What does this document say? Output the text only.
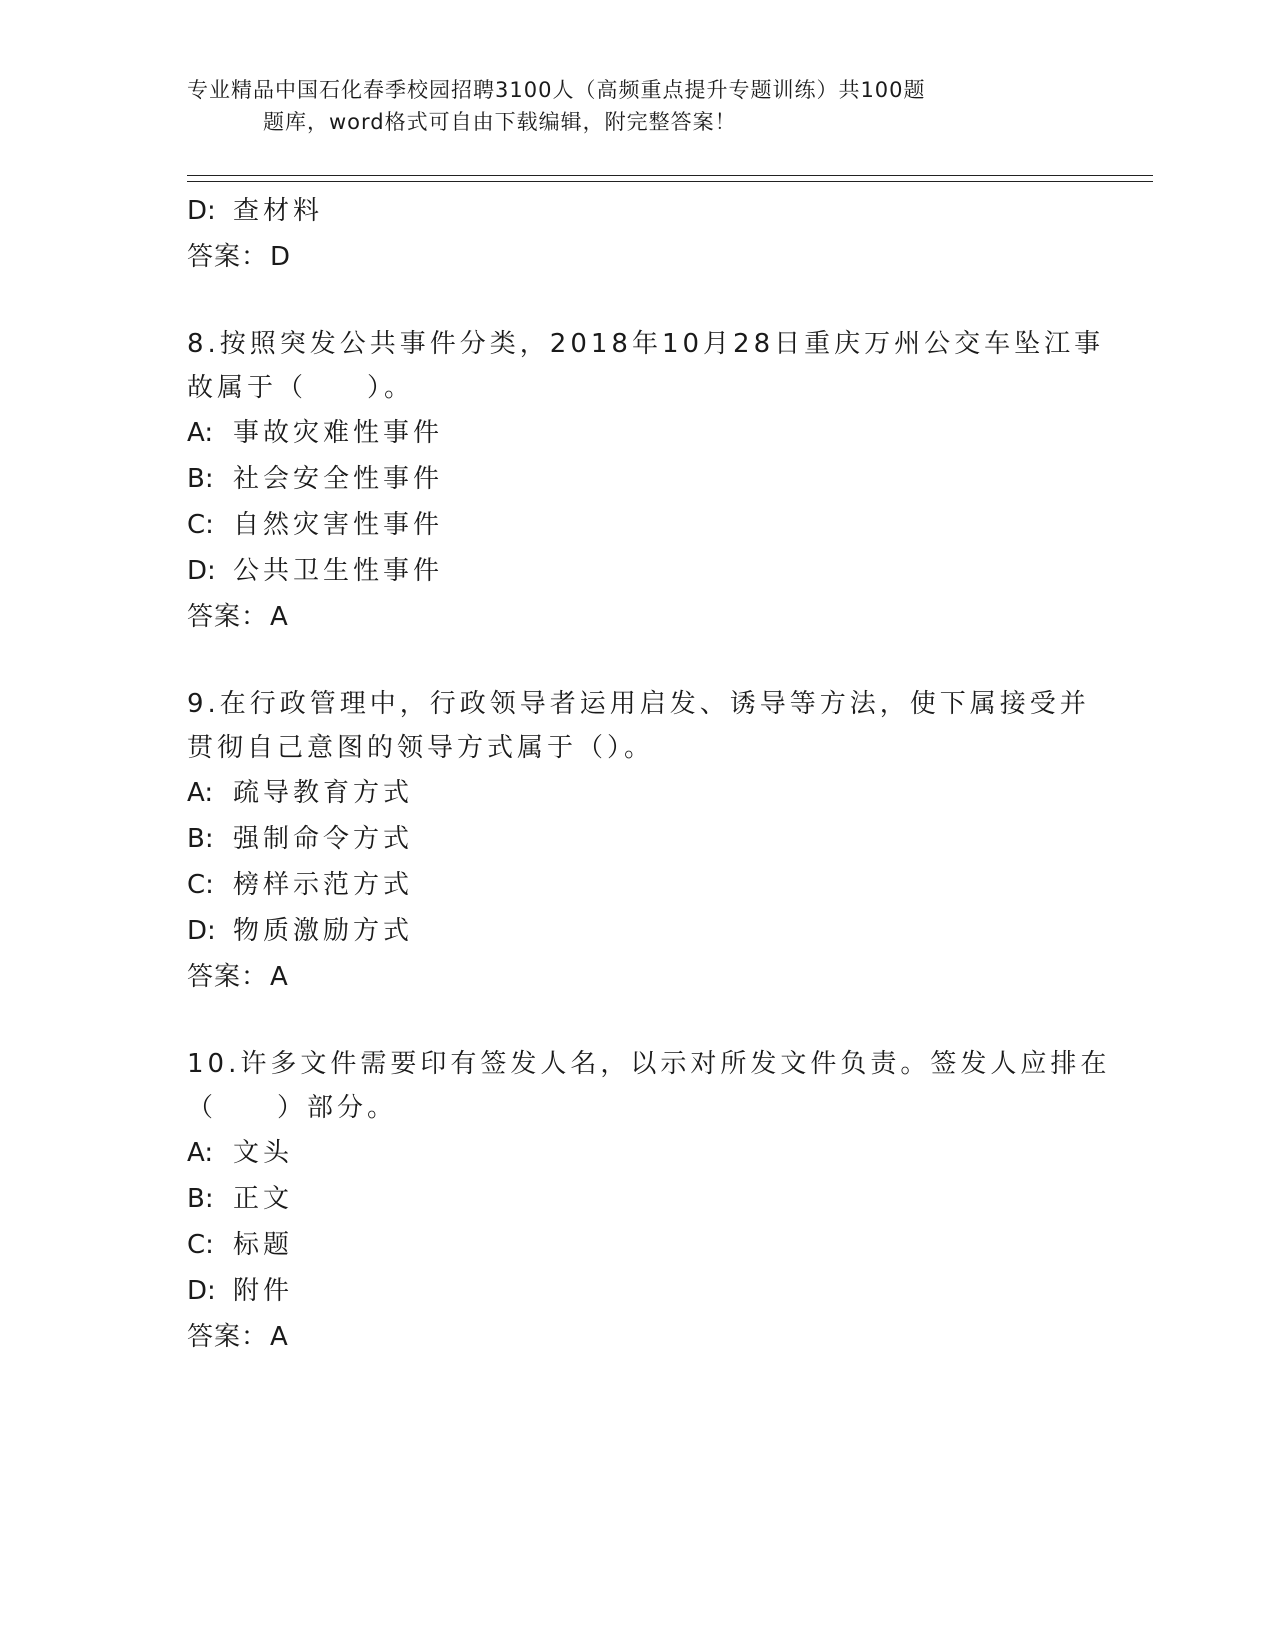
专业精品中国石化春季校园招聘3100人（高频重点提升专题训练）共100题
题库，word格式可自由下载编辑，附完整答案！
D: 查材料
答案：D
8.按照突发公共事件分类，2018年10月28日重庆万州公交车坠江事
故属于（　　）。
A: 事故灾难性事件
B: 社会安全性事件
C: 自然灾害性事件
D: 公共卫生性事件
答案：A
9.在行政管理中，行政领导者运用启发、诱导等方法，使下属接受并
贯彻自己意图的领导方式属于（）。
A: 疏导教育方式
B: 强制命令方式
C: 榜样示范方式
D: 物质激励方式
答案：A
10.许多文件需要印有签发人名，以示对所发文件负责。签发人应排在
（　　）部分。
A: 文头
B: 正文
C: 标题
D: 附件
答案：A
